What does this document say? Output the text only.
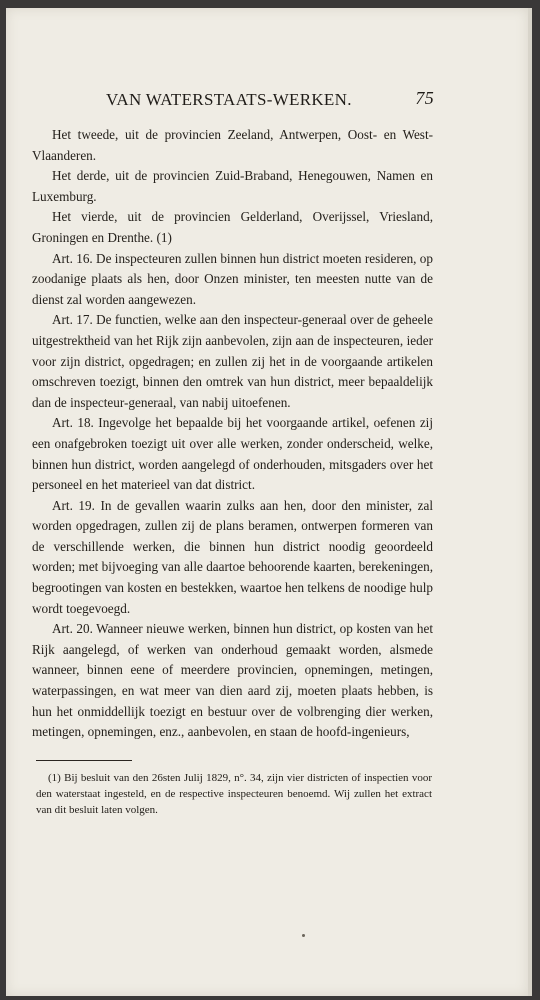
VAN WATERSTAATS-WERKEN.	75

Het tweede, uit de provincien Zeeland, Antwerpen, Oost- en West-Vlaanderen.

Het derde, uit de provincien Zuid-Braband, Henegouwen, Namen en Luxemburg.

Het vierde, uit de provincien Gelderland, Overijssel, Vriesland, Groningen en Drenthe. (1)

Art. 16. De inspecteuren zullen binnen hun district moeten resideren, op zoodanige plaats als hen, door Onzen minister, ten meesten nutte van de dienst zal worden aangewezen.

Art. 17. De functien, welke aan den inspecteur-generaal over de geheele uitgestrektheid van het Rijk zijn aanbevolen, zijn aan de inspecteuren, ieder voor zijn district, opgedragen; en zullen zij het in de voorgaande artikelen omschreven toezigt, binnen den omtrek van hun district, meer bepaaldelijk dan de inspecteur-generaal, van nabij uitoefenen.

Art. 18. Ingevolge het bepaalde bij het voorgaande artikel, oefenen zij een onafgebroken toezigt uit over alle werken, zonder onderscheid, welke, binnen hun district, worden aangelegd of onderhouden, mitsgaders over het personeel en het materieel van dat district.

Art. 19. In de gevallen waarin zulks aan hen, door den minister, zal worden opgedragen, zullen zij de plans beramen, ontwerpen formeren van de verschillende werken, die binnen hun district noodig geoordeeld worden; met bijvoeging van alle daartoe behoorende kaarten, berekeningen, begrootingen van kosten en bestekken, waartoe hen telkens de noodige hulp wordt toegevoegd.

Art. 20. Wanneer nieuwe werken, binnen hun district, op kosten van het Rijk aangelegd, of werken van onderhoud gemaakt worden, alsmede wanneer, binnen eene of meerdere provincien, opnemingen, metingen, waterpassingen, en wat meer van dien aard zij, moeten plaats hebben, is hun het onmiddellijk toezigt en bestuur over de volbrenging dier werken, metingen, opnemingen, enz., aanbevolen, en staan de hoofd-ingenieurs,

(1) Bij besluit van den 26sten Julij 1829, n°. 34, zijn vier districten of inspectien voor den waterstaat ingesteld, en de respective inspecteuren benoemd. Wij zullen het extract van dit besluit laten volgen.
